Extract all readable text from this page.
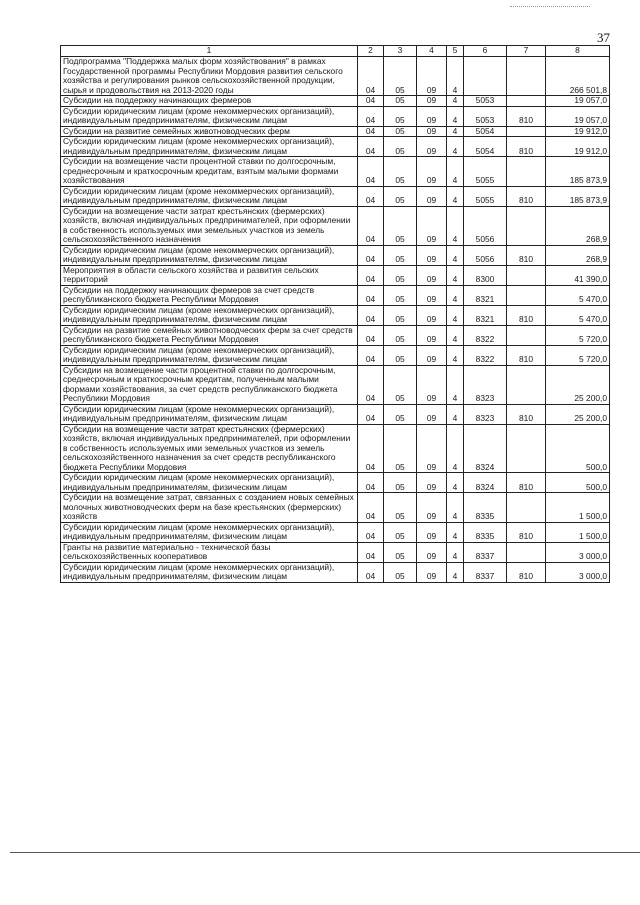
37
1	2	3	4	5	6	7	8
Подпрограмма "Поддержка малых форм хозяйствования" в рамках Государственной программы Республики Мордовия развития сельского хозяйства и регулирования рынков сельскохозяйственной продукции, сырья и продовольствия на 2013-2020 годы	04	05	09	4			266 501,8
Субсидии на поддержку начинающих фермеров	04	05	09	4	5053		19 057,0
Субсидии юридическим лицам (кроме некоммерческих организаций), индивидуальным предпринимателям, физическим лицам	04	05	09	4	5053	810	19 057,0
Субсидии на развитие семейных животноводческих ферм	04	05	09	4	5054		19 912,0
Субсидии юридическим лицам (кроме некоммерческих организаций), индивидуальным предпринимателям, физическим лицам	04	05	09	4	5054	810	19 912,0
Субсидии на возмещение части процентной ставки по долгосрочным, среднесрочным и краткосрочным кредитам, взятым малыми формами хозяйствования	04	05	09	4	5055		185 873,9
Субсидии юридическим лицам (кроме некоммерческих организаций), индивидуальным предпринимателям, физическим лицам	04	05	09	4	5055	810	185 873,9
Субсидии на возмещение части затрат крестьянских (фермерских) хозяйств, включая индивидуальных предпринимателей, при оформлении в собственность используемых ими земельных участков из земель сельскохозяйственного назначения	04	05	09	4	5056		268,9
Субсидии юридическим лицам (кроме некоммерческих организаций), индивидуальным предпринимателям, физическим лицам	04	05	09	4	5056	810	268,9
Мероприятия в области сельского хозяйства и развития сельских территорий	04	05	09	4	8300		41 390,0
Субсидии на поддержку начинающих фермеров за счет средств республиканского бюджета Республики Мордовия	04	05	09	4	8321		5 470,0
Субсидии юридическим лицам (кроме некоммерческих организаций), индивидуальным предпринимателям, физическим лицам	04	05	09	4	8321	810	5 470,0
Субсидии на развитие семейных животноводческих ферм за счет средств республиканского бюджета Республики Мордовия	04	05	09	4	8322		5 720,0
Субсидии юридическим лицам (кроме некоммерческих организаций), индивидуальным предпринимателям, физическим лицам	04	05	09	4	8322	810	5 720,0
Субсидии на возмещение части процентной ставки по долгосрочным, среднесрочным и краткосрочным кредитам, полученным малыми формами хозяйствования, за счет средств республиканского бюджета Республики Мордовия	04	05	09	4	8323		25 200,0
Субсидии юридическим лицам (кроме некоммерческих организаций), индивидуальным предпринимателям, физическим лицам	04	05	09	4	8323	810	25 200,0
Субсидии на возмещение части затрат крестьянских (фермерских) хозяйств, включая индивидуальных предпринимателей, при оформлении в собственность используемых ими земельных участков из земель сельскохозяйственного назначения за счет средств республиканского бюджета Республики Мордовия	04	05	09	4	8324		500,0
Субсидии юридическим лицам (кроме некоммерческих организаций), индивидуальным предпринимателям, физическим лицам	04	05	09	4	8324	810	500,0
Субсидии на возмещение затрат, связанных с созданием новых семейных молочных животноводческих ферм на базе крестьянских (фермерских) хозяйств	04	05	09	4	8335		1 500,0
Субсидии юридическим лицам (кроме некоммерческих организаций), индивидуальным предпринимателям, физическим лицам	04	05	09	4	8335	810	1 500,0
Гранты на развитие материально - технической базы сельскохозяйственных кооперативов	04	05	09	4	8337		3 000,0
Субсидии юридическим лицам (кроме некоммерческих организаций), индивидуальным предпринимателям, физическим лицам	04	05	09	4	8337	810	3 000,0
